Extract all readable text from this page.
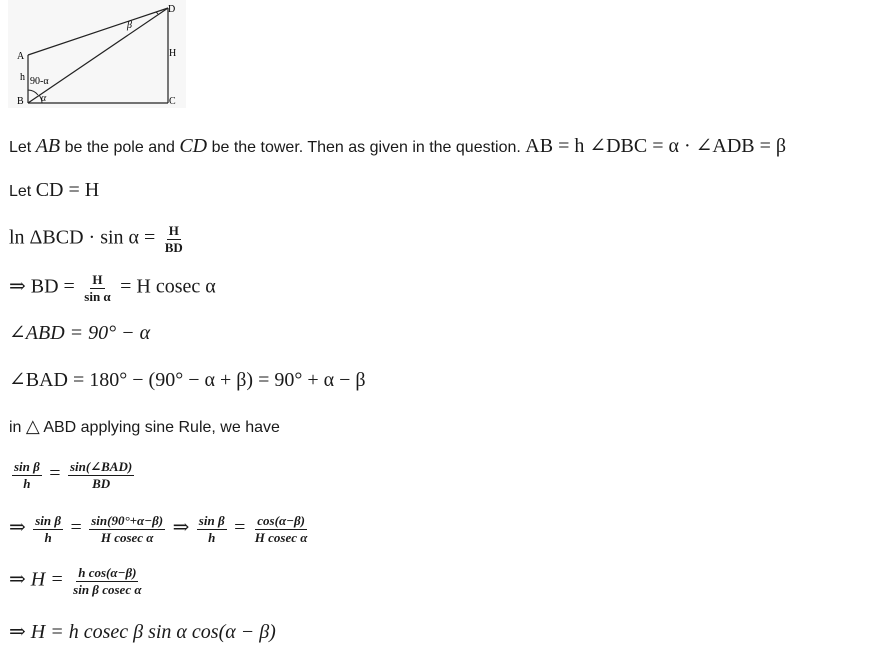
A
B	C
D
H
h 90-α
α
β
Let AB be the pole and CD be the tower. Then as given in the question. AB = h ∠DBC = α · ∠ADB = β
Let CD = H
$\ln \Delta BCD \cdot \sin \alpha = \frac{H}{BD}$
⇒ BD = $\frac{H}{\text{sin α}} = H$ cosec α
∠ABD = 90° − α
∠BAD = 180° − (90° − α + β) = 90° + α − β
in △ ABD applying sine Rule, we have
$\frac{\text{sin β}}{h} = \frac{\text{sin(∠BAD)}}{BD}$
⇒ $\frac{\text{sin β}}{h} = \frac{\sin(90^\circ+\alpha-\beta)}{\text{H cosec α}}$ ⇒ $\frac{\text{sin β}}{h} = \frac{\cos(\alpha-\beta)}{\text{H cosec α}}$
⇒ $H = \frac{\text{h cos(α−β)}}{\text{sin β cosec α}}$
⇒ H = h cosec β sin α cos(α − β)
